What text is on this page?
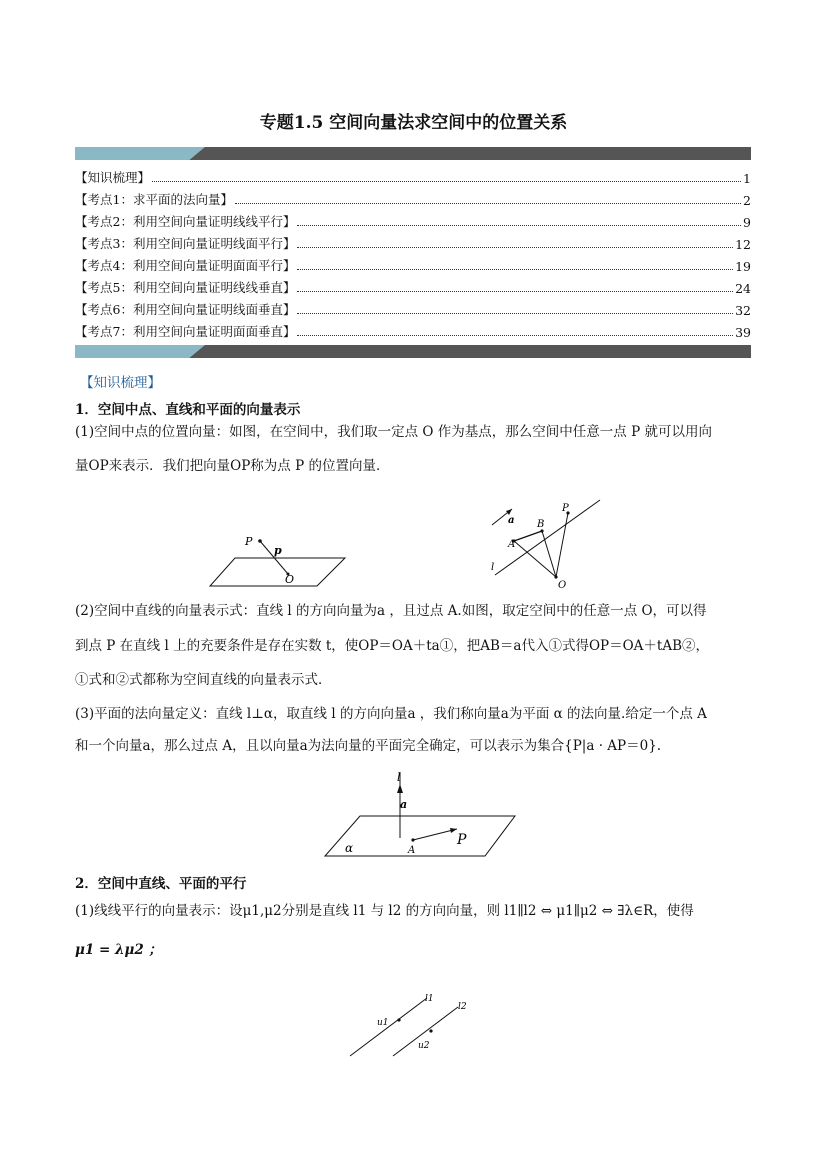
专题1.5 空间向量法求空间中的位置关系
【知识梳理】	1
【考点1：求平面的法向量】	2
【考点2：利用空间向量证明线线平行】	9
【考点3：利用空间向量证明线面平行】	12
【考点4：利用空间向量证明面面平行】	19
【考点5：利用空间向量证明线线垂直】	24
【考点6：利用空间向量证明线面垂直】	32
【考点7：利用空间向量证明面面垂直】	39
【知识梳理】
1．空间中点、直线和平面的向量表示
(1)空间中点的位置向量：如图，在空间中，我们取一定点 O 作为基点，那么空间中任意一点 P 就可以用向
量OP来表示．我们把向量OP称为点 P 的位置向量．
P
p
O
a
P
B
A
l
O
(2)空间中直线的向量表示式：直线 l 的方向向量为a ，且过点 A.如图，取定空间中的任意一点 O，可以得
到点 P 在直线 l 上的充要条件是存在实数 t，使OP＝OA＋ta①，把AB＝a代入①式得OP＝OA＋tAB②，
①式和②式都称为空间直线的向量表示式．
(3)平面的法向量定义：直线 l⊥α，取直线 l 的方向向量a ，我们称向量a为平面 α 的法向量.给定一个点 A
和一个向量a，那么过点 A，且以向量a为法向量的平面完全确定，可以表示为集合{P|a · AP＝0}.
l
a
α	A
P
2．空间中直线、平面的平行
(1)线线平行的向量表示：设μ1,μ2分别是直线 l1 与 l2 的方向向量，则 l1∥l2 ⇔ μ1∥μ2 ⇔ ∃λ∈R，使得
μ1 = λμ2 ；
l1
l2
u1
u2
